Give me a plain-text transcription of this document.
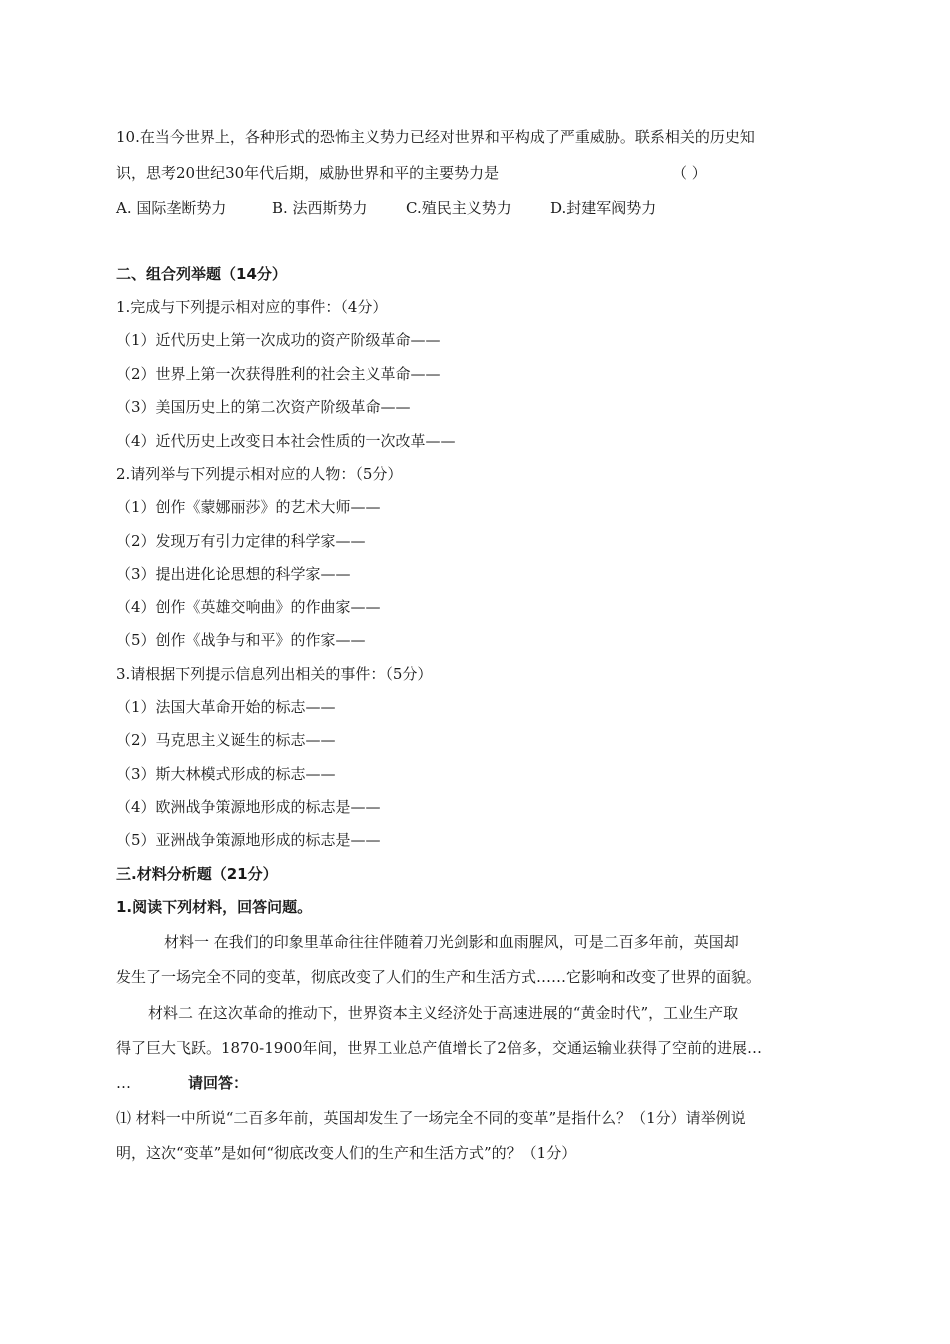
10.在当今世界上，各种形式的恐怖主义势力已经对世界和平构成了严重威胁。联系相关的历史知
识，思考20世纪30年代后期，威胁世界和平的主要势力是	（ ）
A. 国际垄断势力	B. 法西斯势力	C.殖民主义势力	D.封建军阀势力
二、组合列举题（14分）
1.完成与下列提示相对应的事件：（4分）
（1）近代历史上第一次成功的资产阶级革命——
（2）世界上第一次获得胜利的社会主义革命——
（3）美国历史上的第二次资产阶级革命——
（4）近代历史上改变日本社会性质的一次改革——
2.请列举与下列提示相对应的人物：（5分）
（1）创作《蒙娜丽莎》的艺术大师——
（2）发现万有引力定律的科学家——
（3）提出进化论思想的科学家——
（4）创作《英雄交响曲》的作曲家——
（5）创作《战争与和平》的作家——
3.请根据下列提示信息列出相关的事件：（5分）
（1）法国大革命开始的标志——
（2）马克思主义诞生的标志——
（3）斯大林模式形成的标志——
（4）欧洲战争策源地形成的标志是——
（5）亚洲战争策源地形成的标志是——
三.材料分析题（21分）
1.阅读下列材料，回答问题。
材料一 在我们的印象里革命往往伴随着刀光剑影和血雨腥风，可是二百多年前，英国却
发生了一场完全不同的变革，彻底改变了人们的生产和生活方式……它影响和改变了世界的面貌。
材料二 在这次革命的推动下，世界资本主义经济处于高速进展的“黄金时代”，工业生产取
得了巨大飞跃。1870-1900年间，世界工业总产值增长了2倍多，交通运输业获得了空前的进展…
…	请回答：
⑴ 材料一中所说“二百多年前，英国却发生了一场完全不同的变革”是指什么？（1分）请举例说
明，这次“变革”是如何“彻底改变人们的生产和生活方式”的？（1分）
